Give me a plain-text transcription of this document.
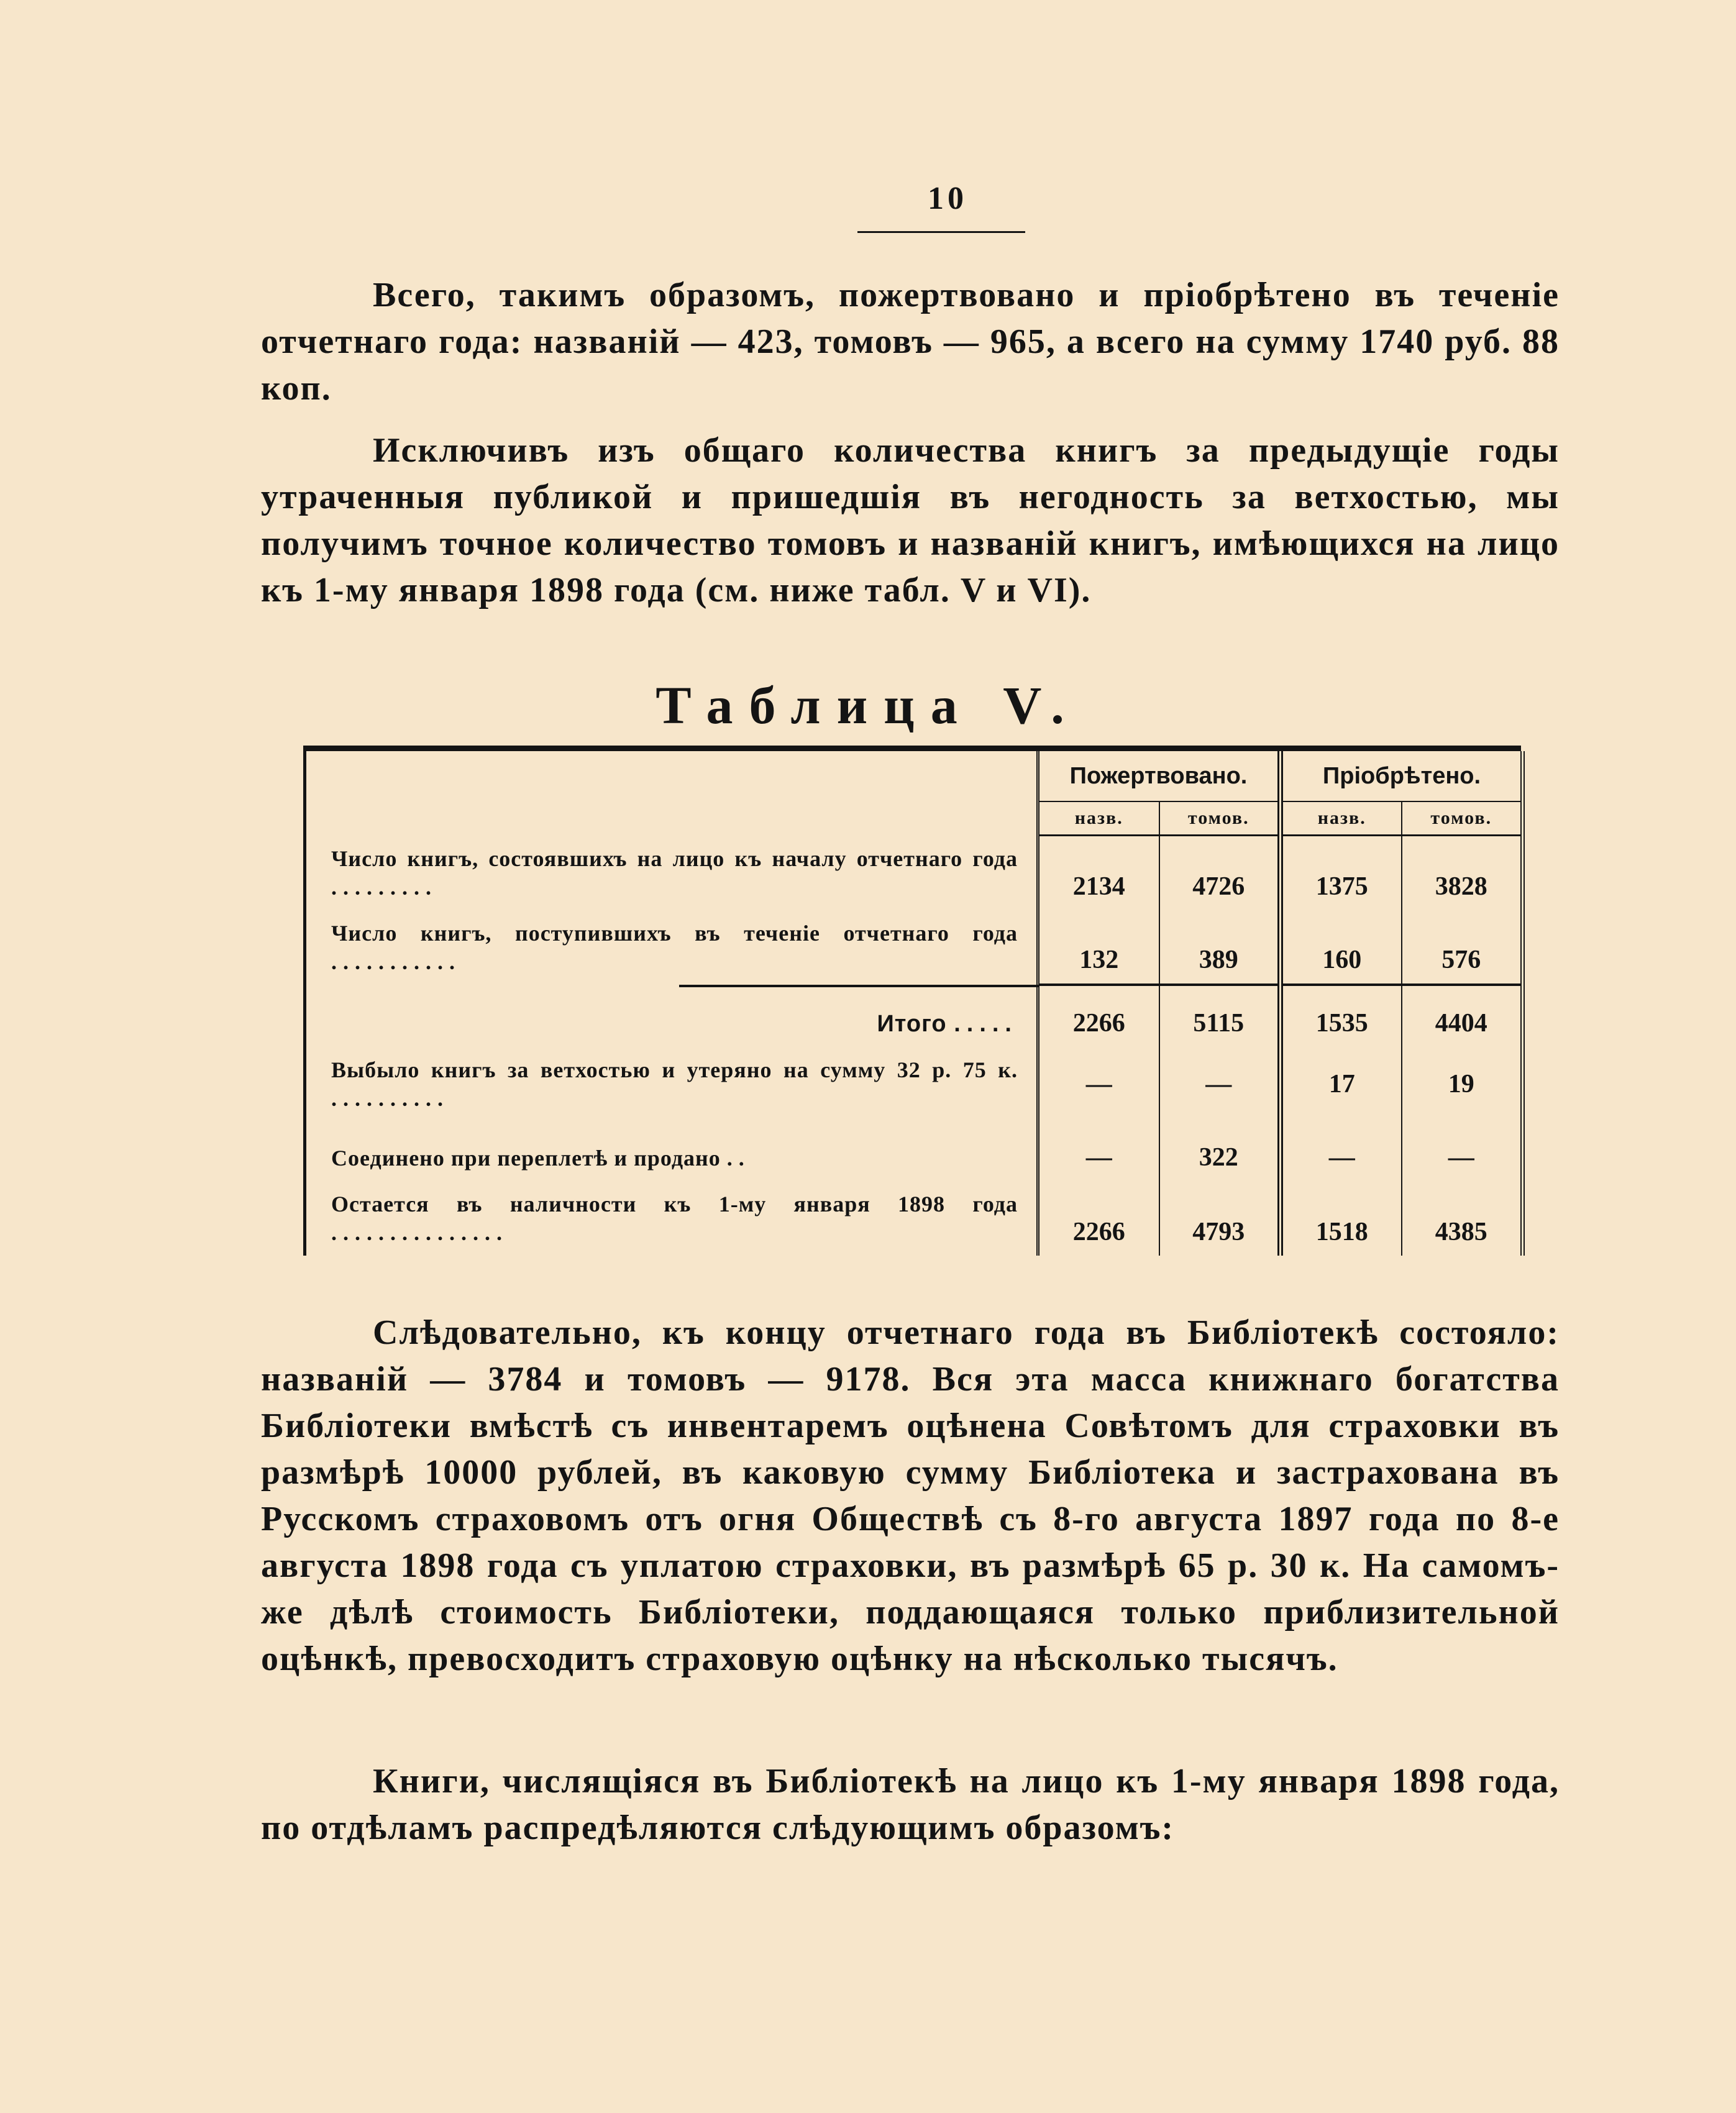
10

Всего, такимъ образомъ, пожертвовано и пріобрѣтено въ теченіе отчетнаго года: названій — 423, томовъ — 965, а всего на сумму 1740 руб. 88 коп.

Исключивъ изъ общаго количества книгъ за предыдущіе годы утраченныя публикой и пришедшія въ негодность за ветхостью, мы получимъ точное количество томовъ и названій книгъ, имѣющихся на лицо къ 1-му января 1898 года (см. ниже табл. V и VI).

Таблица V.
	Пожертвовано.		Пріобрѣтено.	
	назв.	томов.	назв.	томов.
Число книгъ, состоявшихъ на лицо къ началу отчетнаго года .........	2134	4726	1375	3828
Число книгъ, поступившихъ въ теченіе отчетнаго года ...........	132	389	160	576
Итого .....	2266	5115	1535	4404
Выбыло книгъ за ветхостью и утеряно на сумму 32 р. 75 к. ..........	—	—	17	19
Соединено при переплетѣ и продано ..	—	322	—	—
Остается въ наличности къ 1-му января 1898 года ...............	2266	4793	1518	4385

Слѣдовательно, къ концу отчетнаго года въ Библіотекѣ состояло: названій — 3784 и томовъ — 9178. Вся эта масса книжнаго богатства Библіотеки вмѣстѣ съ инвентаремъ оцѣнена Совѣтомъ для страховки въ размѣрѣ 10000 рублей, въ каковую сумму Библіотека и застрахована въ Русскомъ страховомъ отъ огня Обществѣ съ 8-го августа 1897 года по 8-е августа 1898 года съ уплатою страховки, въ размѣрѣ 65 р. 30 к. На самомъ-же дѣлѣ стоимость Библіотеки, поддающаяся только приблизительной оцѣнкѣ, превосходитъ страховую оцѣнку на нѣсколько тысячъ.

Книги, числящіяся въ Библіотекѣ на лицо къ 1-му января 1898 года, по отдѣламъ распредѣляются слѣдующимъ образомъ:
